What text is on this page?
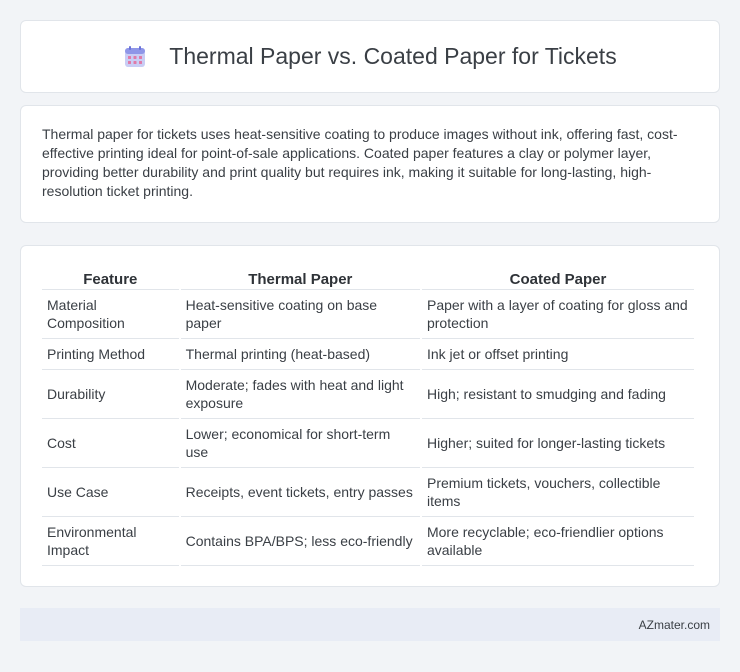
Thermal Paper vs. Coated Paper for Tickets

Thermal paper for tickets uses heat-sensitive coating to produce images without ink, offering fast, cost-effective printing ideal for point-of-sale applications. Coated paper features a clay or polymer layer, providing better durability and print quality but requires ink, making it suitable for long-lasting, high-resolution ticket printing.

Feature	Thermal Paper	Coated Paper
Material Composition	Heat-sensitive coating on base paper	Paper with a layer of coating for gloss and protection
Printing Method	Thermal printing (heat-based)	Ink jet or offset printing
Durability	Moderate; fades with heat and light exposure	High; resistant to smudging and fading
Cost	Lower; economical for short-term use	Higher; suited for longer-lasting tickets
Use Case	Receipts, event tickets, entry passes	Premium tickets, vouchers, collectible items
Environmental Impact	Contains BPA/BPS; less eco-friendly	More recyclable; eco-friendlier options available
AZmater.com
